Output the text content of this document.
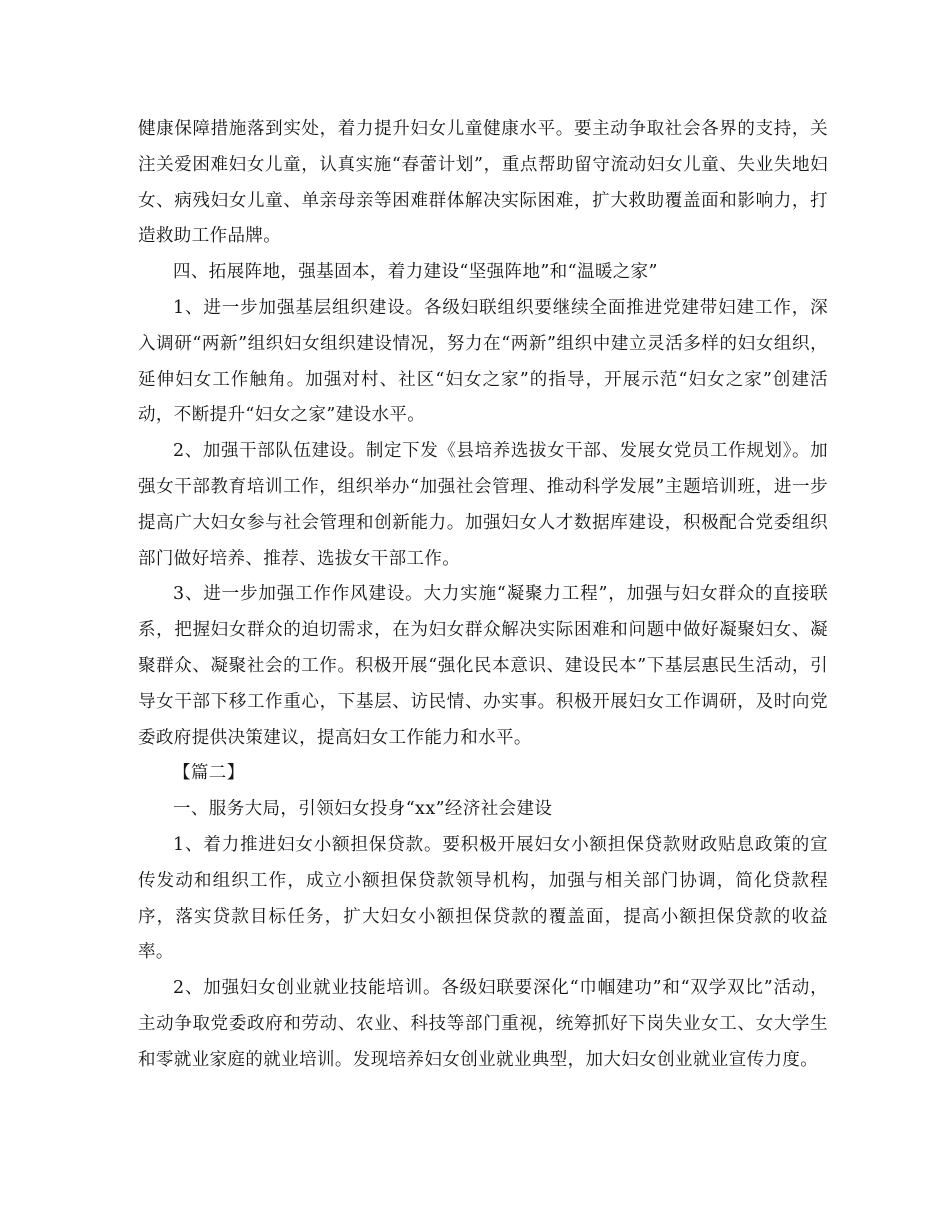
健康保障措施落到实处，着力提升妇女儿童健康水平。要主动争取社会各界的支持，关注关爱困难妇女儿童，认真实施“春蕾计划”，重点帮助留守流动妇女儿童、失业失地妇女、病残妇女儿童、单亲母亲等困难群体解决实际困难，扩大救助覆盖面和影响力，打造救助工作品牌。

四、拓展阵地，强基固本，着力建设“坚强阵地”和“温暖之家”

1、进一步加强基层组织建设。各级妇联组织要继续全面推进党建带妇建工作，深入调研“两新”组织妇女组织建设情况，努力在“两新”组织中建立灵活多样的妇女组织，延伸妇女工作触角。加强对村、社区“妇女之家”的指导，开展示范“妇女之家”创建活动，不断提升“妇女之家”建设水平。

2、加强干部队伍建设。制定下发《县培养选拔女干部、发展女党员工作规划》。加强女干部教育培训工作，组织举办“加强社会管理、推动科学发展”主题培训班，进一步提高广大妇女参与社会管理和创新能力。加强妇女人才数据库建设，积极配合党委组织部门做好培养、推荐、选拔女干部工作。

3、进一步加强工作作风建设。大力实施“凝聚力工程”，加强与妇女群众的直接联系，把握妇女群众的迫切需求，在为妇女群众解决实际困难和问题中做好凝聚妇女、凝聚群众、凝聚社会的工作。积极开展“强化民本意识、建设民本”下基层惠民生活动，引导女干部下移工作重心，下基层、访民情、办实事。积极开展妇女工作调研，及时向党委政府提供决策建议，提高妇女工作能力和水平。

【篇二】

一、服务大局，引领妇女投身“xx”经济社会建设

1、着力推进妇女小额担保贷款。要积极开展妇女小额担保贷款财政贴息政策的宣传发动和组织工作，成立小额担保贷款领导机构，加强与相关部门协调，简化贷款程序，落实贷款目标任务，扩大妇女小额担保贷款的覆盖面，提高小额担保贷款的收益率。

2、加强妇女创业就业技能培训。各级妇联要深化“巾帼建功”和“双学双比”活动，主动争取党委政府和劳动、农业、科技等部门重视，统筹抓好下岗失业女工、女大学生和零就业家庭的就业培训。发现培养妇女创业就业典型，加大妇女创业就业宣传力度。
